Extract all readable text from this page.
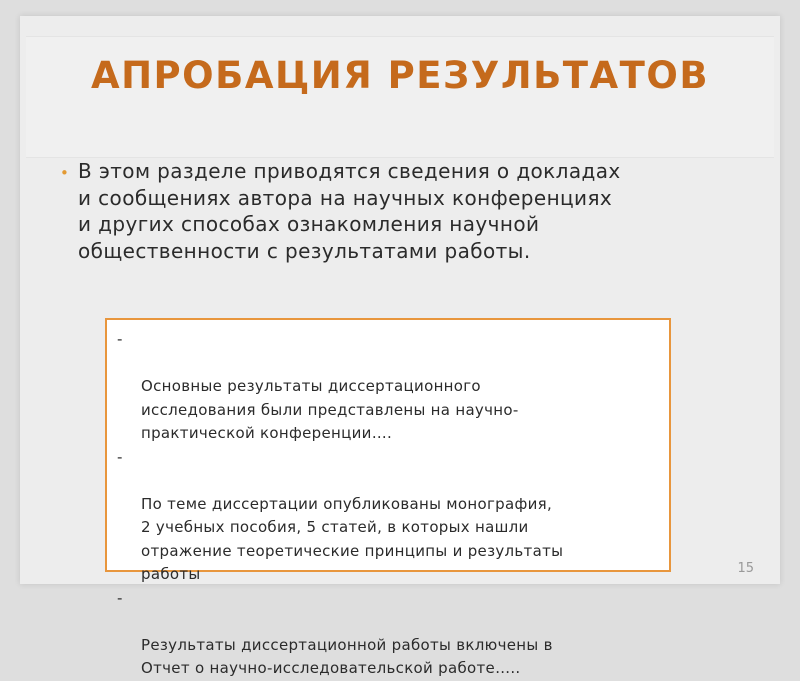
АПРОБАЦИЯ РЕЗУЛЬТАТОВ
• В этом разделе приводятся сведения о докладах
и сообщениях автора на научных конференциях
и других способах ознакомления научной
общественности с результатами работы.

-

Основные результаты диссертационного
исследования были представлены на научно-
практической конференции….

-

По теме диссертации опубликованы монография,
2 учебных пособия, 5 статей, в которых нашли
отражение теоретические принципы и результаты
работы

-

Результаты диссертационной работы включены в
Отчет о научно-исследовательской работе…..

15
